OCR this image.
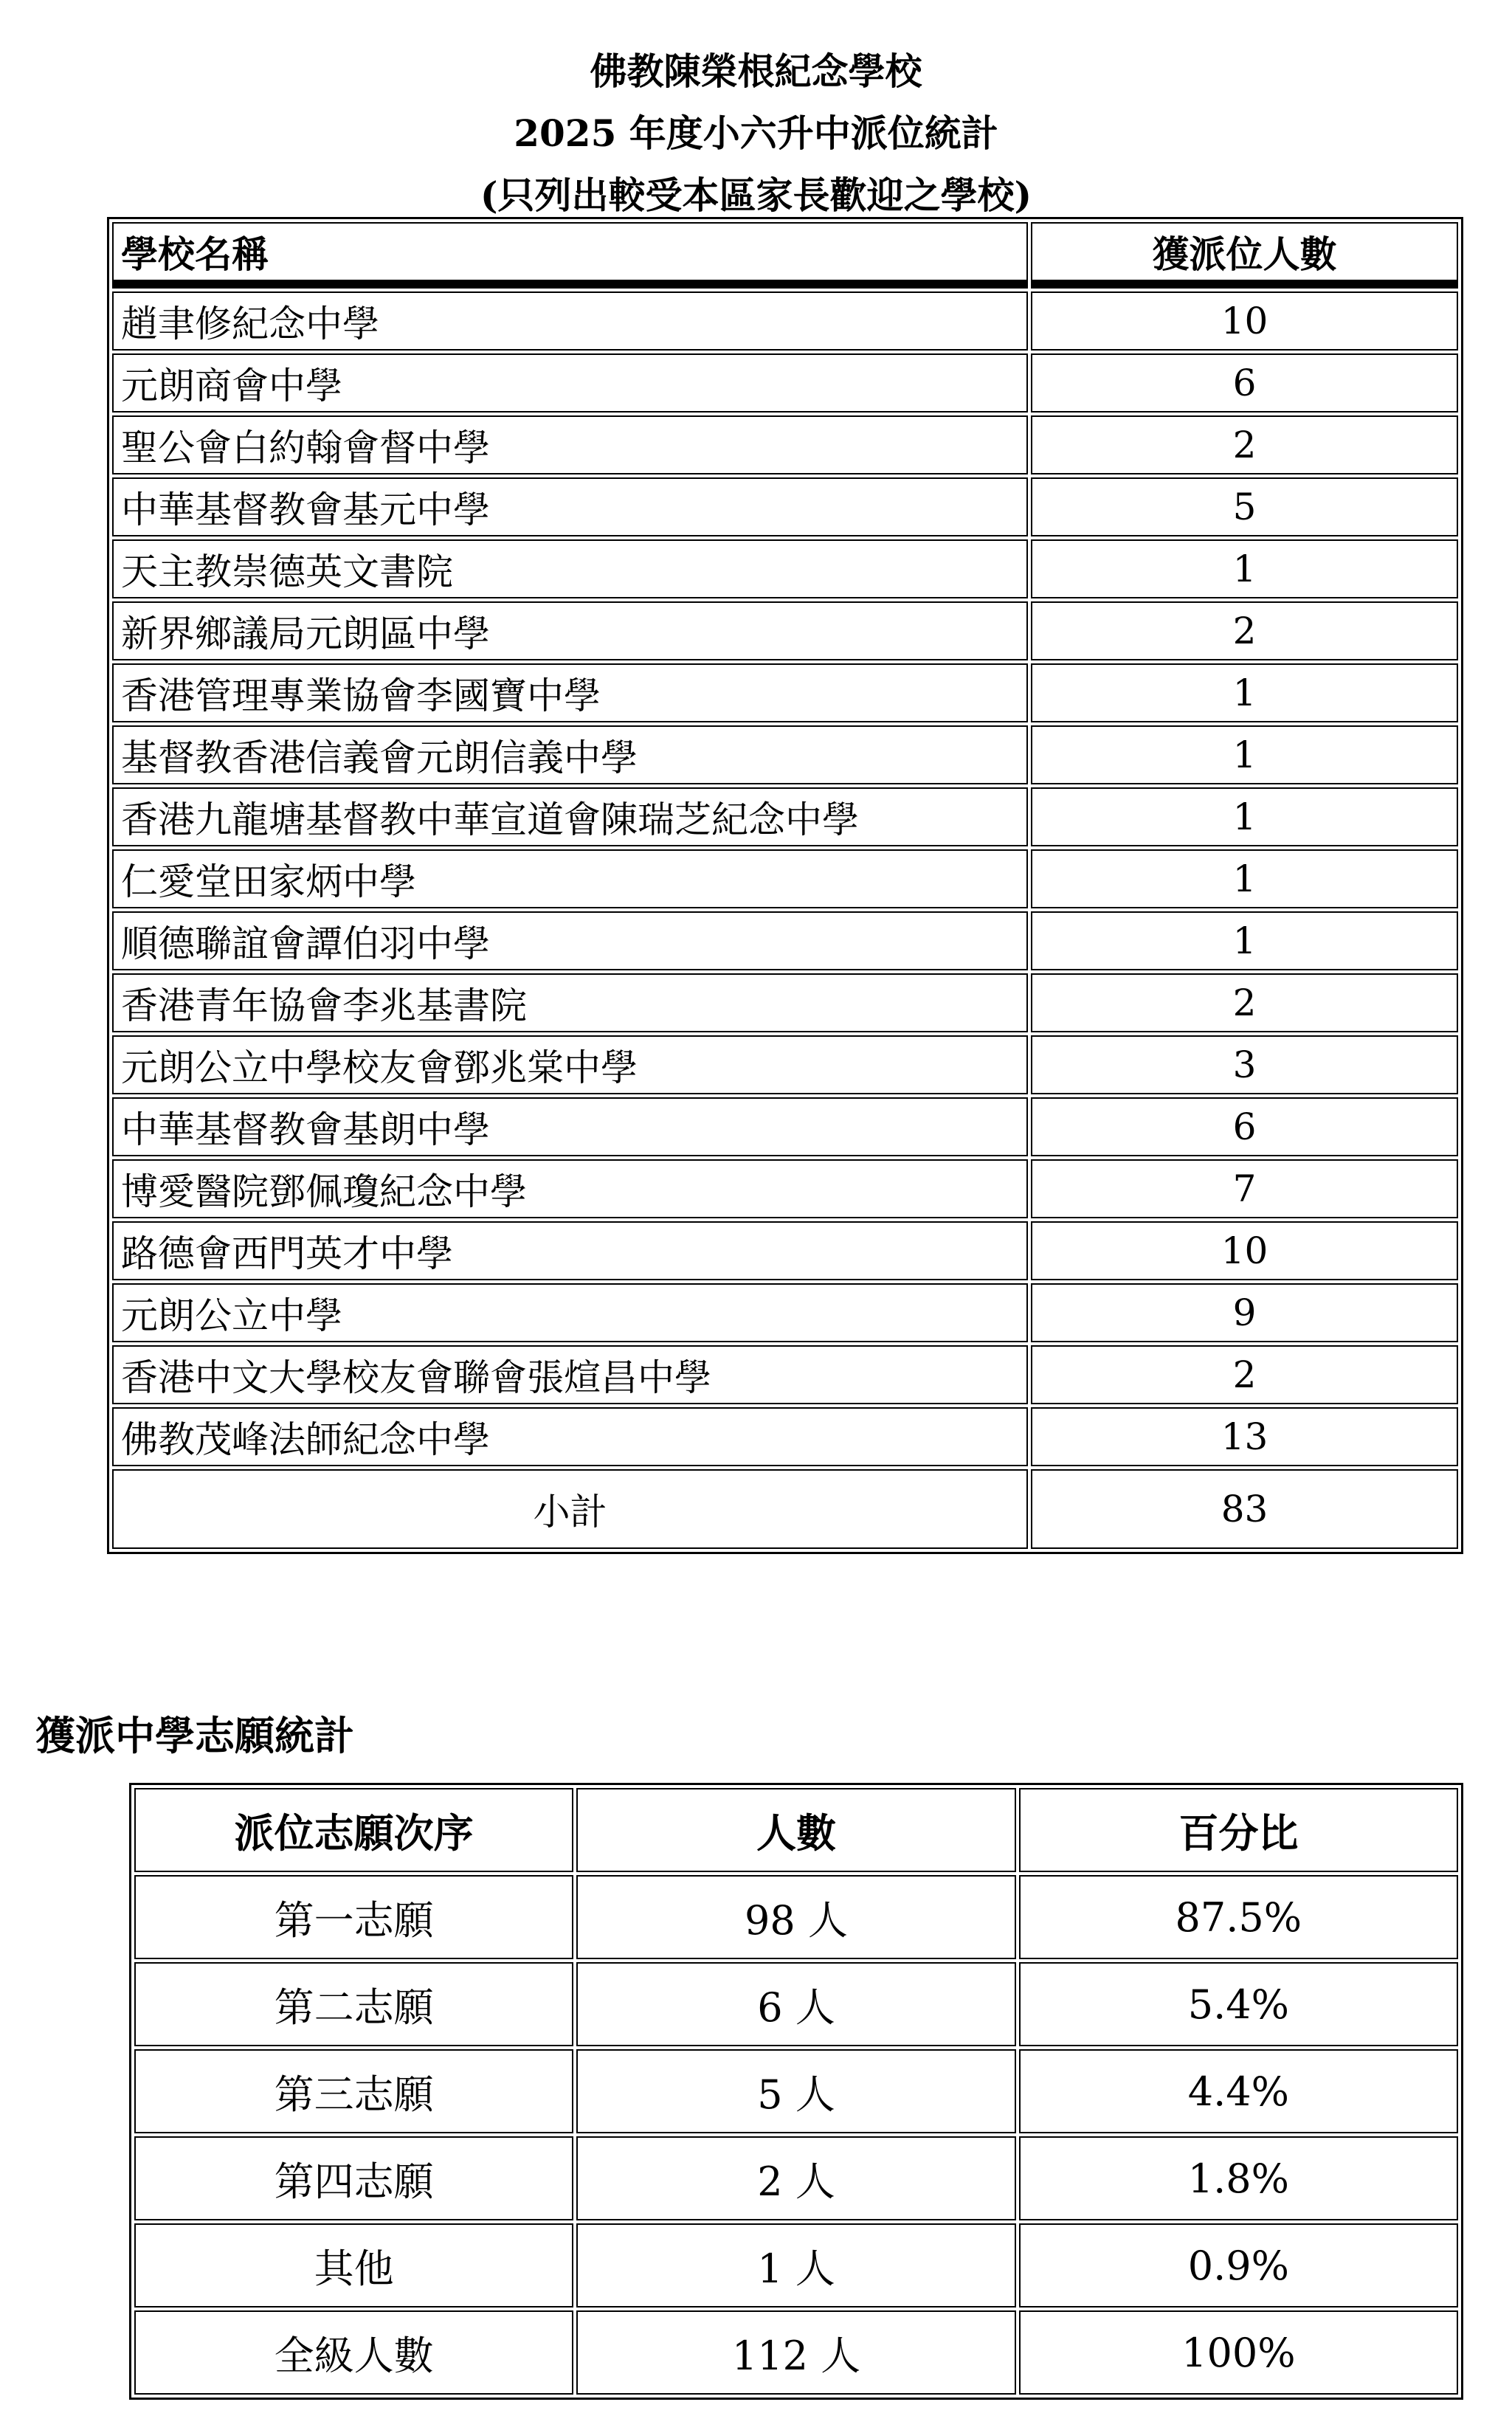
佛教陳榮根紀念學校
2025 年度小六升中派位統計
(只列出較受本區家長歡迎之學校)
學校名稱	獲派位人數
趙聿修紀念中學	10
元朗商會中學	6
聖公會白約翰會督中學	2
中華基督教會基元中學	5
天主教崇德英文書院	1
新界鄉議局元朗區中學	2
香港管理專業協會李國寶中學	1
基督教香港信義會元朗信義中學	1
香港九龍塘基督教中華宣道會陳瑞芝紀念中學	1
仁愛堂田家炳中學	1
順德聯誼會譚伯羽中學	1
香港青年協會李兆基書院	2
元朗公立中學校友會鄧兆棠中學	3
中華基督教會基朗中學	6
博愛醫院鄧佩瓊紀念中學	7
路德會西門英才中學	10
元朗公立中學	9
香港中文大學校友會聯會張煊昌中學	2
佛教茂峰法師紀念中學	13
小計	83
獲派中學志願統計
派位志願次序	人數	百分比
第一志願	98 人	87.5%
第二志願	6 人	5.4%
第三志願	5 人	4.4%
第四志願	2 人	1.8%
其他	1 人	0.9%
全級人數	112 人	100%
